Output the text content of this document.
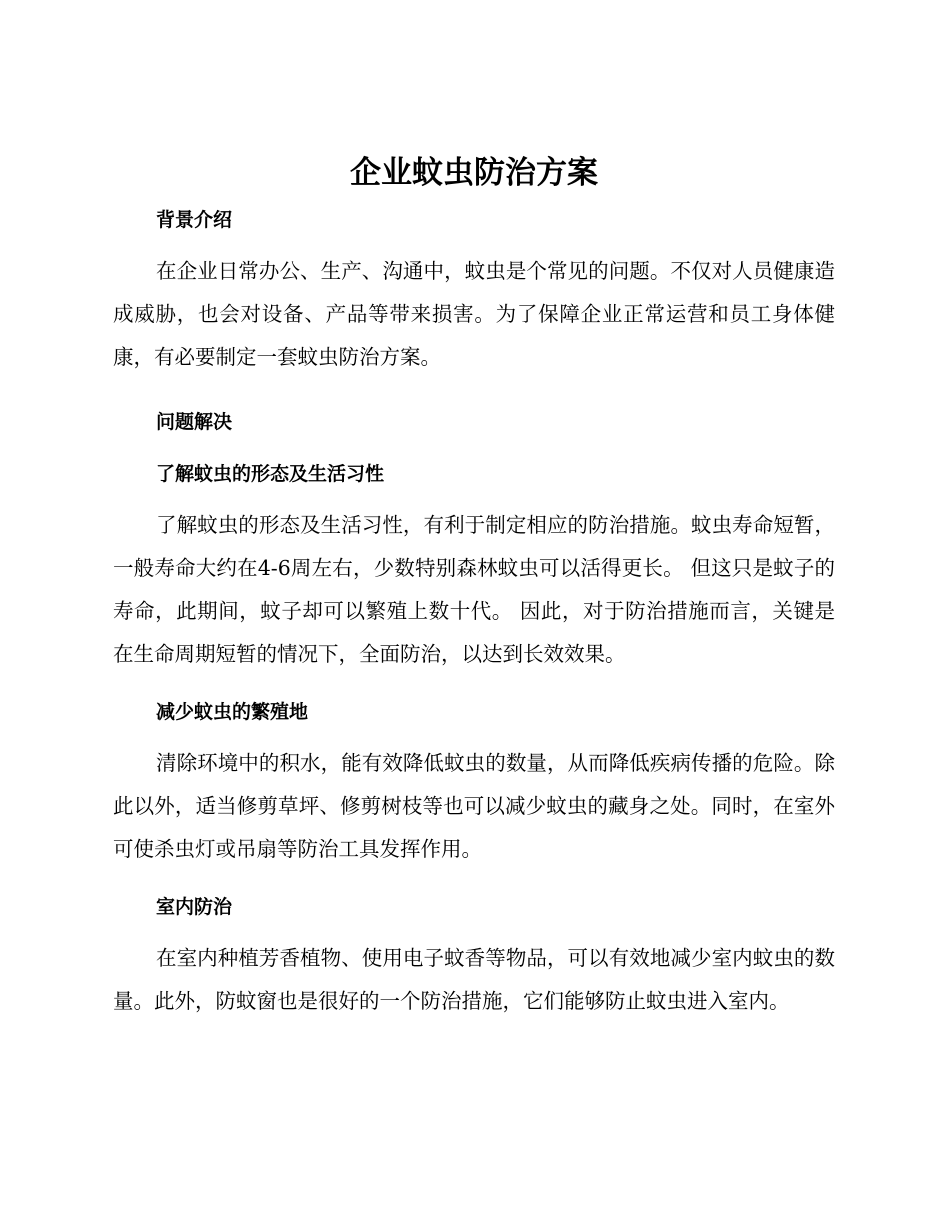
企业蚊虫防治方案
背景介绍

在企业日常办公、生产、沟通中，蚊虫是个常见的问题。不仅对人员健康造成威胁，也会对设备、产品等带来损害。为了保障企业正常运营和员工身体健康，有必要制定一套蚊虫防治方案。

问题解决
了解蚊虫的形态及生活习性

了解蚊虫的形态及生活习性，有利于制定相应的防治措施。蚊虫寿命短暂， 一般寿命大约在4-6周左右，少数特别森林蚊虫可以活得更长。 但这只是蚊子的寿命，此期间，蚊子却可以繁殖上数十代。 因此，对于防治措施而言，关键是在生命周期短暂的情况下，全面防治，以达到长效效果。

减少蚊虫的繁殖地

清除环境中的积水，能有效降低蚊虫的数量，从而降低疾病传播的危险。除此以外，适当修剪草坪、修剪树枝等也可以减少蚊虫的藏身之处。同时，在室外可使杀虫灯或吊扇等防治工具发挥作用。

室内防治

在室内种植芳香植物、使用电子蚊香等物品，可以有效地减少室内蚊虫的数量。此外，防蚊窗也是很好的一个防治措施，它们能够防止蚊虫进入室内。
